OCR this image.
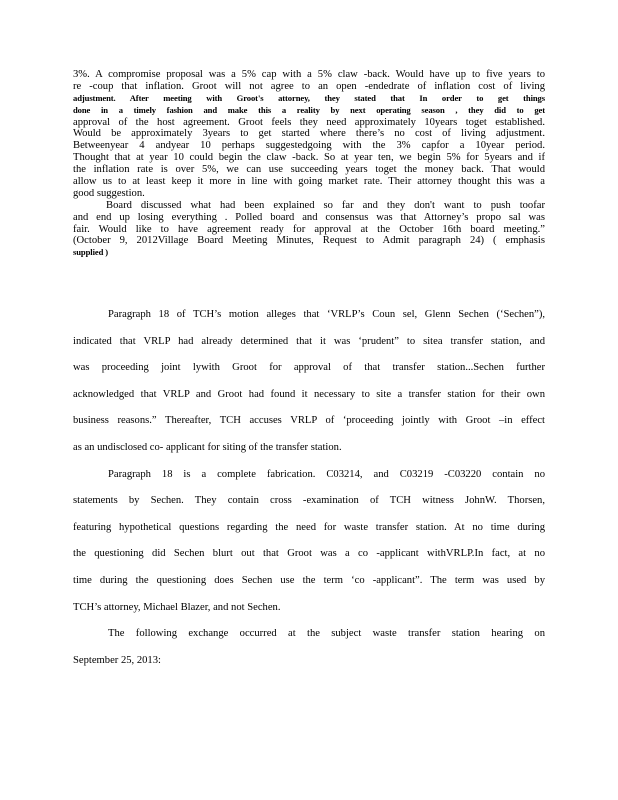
3%. A compromise proposal was a 5% cap with a 5% claw -back. Would have up to five years to
re -coup that inflation. Groot will not agree to an open -endedrate of inflation cost of living
adjustment. After meeting with Groot's attorney, they stated that In order to get things
done in a timely fashion and make this a reality by next operating season , they did to get
approval of the host agreement. Groot feels they need approximately 10years toget established.
Would be approximately 3years to get started where there’s no cost of living adjustment.
Betweenyear 4 andyear 10 perhaps suggestedgoing with the 3% capfor a 10year period.
Thought that at year 10 could begin the claw -back. So at year ten, we begin 5% for 5years and if
the inflation rate is over 5%, we can use succeeding years toget the money back. That would
allow us to at least keep it more in line with going market rate. Their attorney thought this was a
good suggestion.
Board discussed what had been explained so far and they don't want to push toofar
and end up losing everything . Polled board and consensus was that Attorney’s propo sal was
fair. Would like to have agreement ready for approval at the October 16th board meeting.”
(October 9, 2012Village Board Meeting Minutes, Request to Admit paragraph 24) ( emphasis
supplied )
Paragraph 18 of TCH’s motion alleges that ‘VRLP’s Coun sel, Glenn Sechen (‘Sechen”),
indicated that VRLP had already determined that it was ‘prudent” to sitea transfer station, and
was proceeding joint lywith Groot for approval of that transfer station...Sechen further
acknowledged that VRLP and Groot had found it necessary to site a transfer station for their own
business reasons.” Thereafter, TCH accuses VRLP of ‘proceeding jointly with Groot –in effect
as an undisclosed co- applicant for siting of the transfer station.
Paragraph 18 is a complete fabrication. C03214, and C03219 -C03220 contain no
statements by Sechen. They contain cross -examination of TCH witness JohnW. Thorsen,
featuring hypothetical questions regarding the need for waste transfer station. At no time during
the questioning did Sechen blurt out that Groot was a co -applicant withVRLP.In fact, at no
time during the questioning does Sechen use the term ‘co -applicant”. The term was used by
TCH’s attorney, Michael Blazer, and not Sechen.
The following exchange occurred at the subject waste transfer station hearing on
September 25, 2013:
